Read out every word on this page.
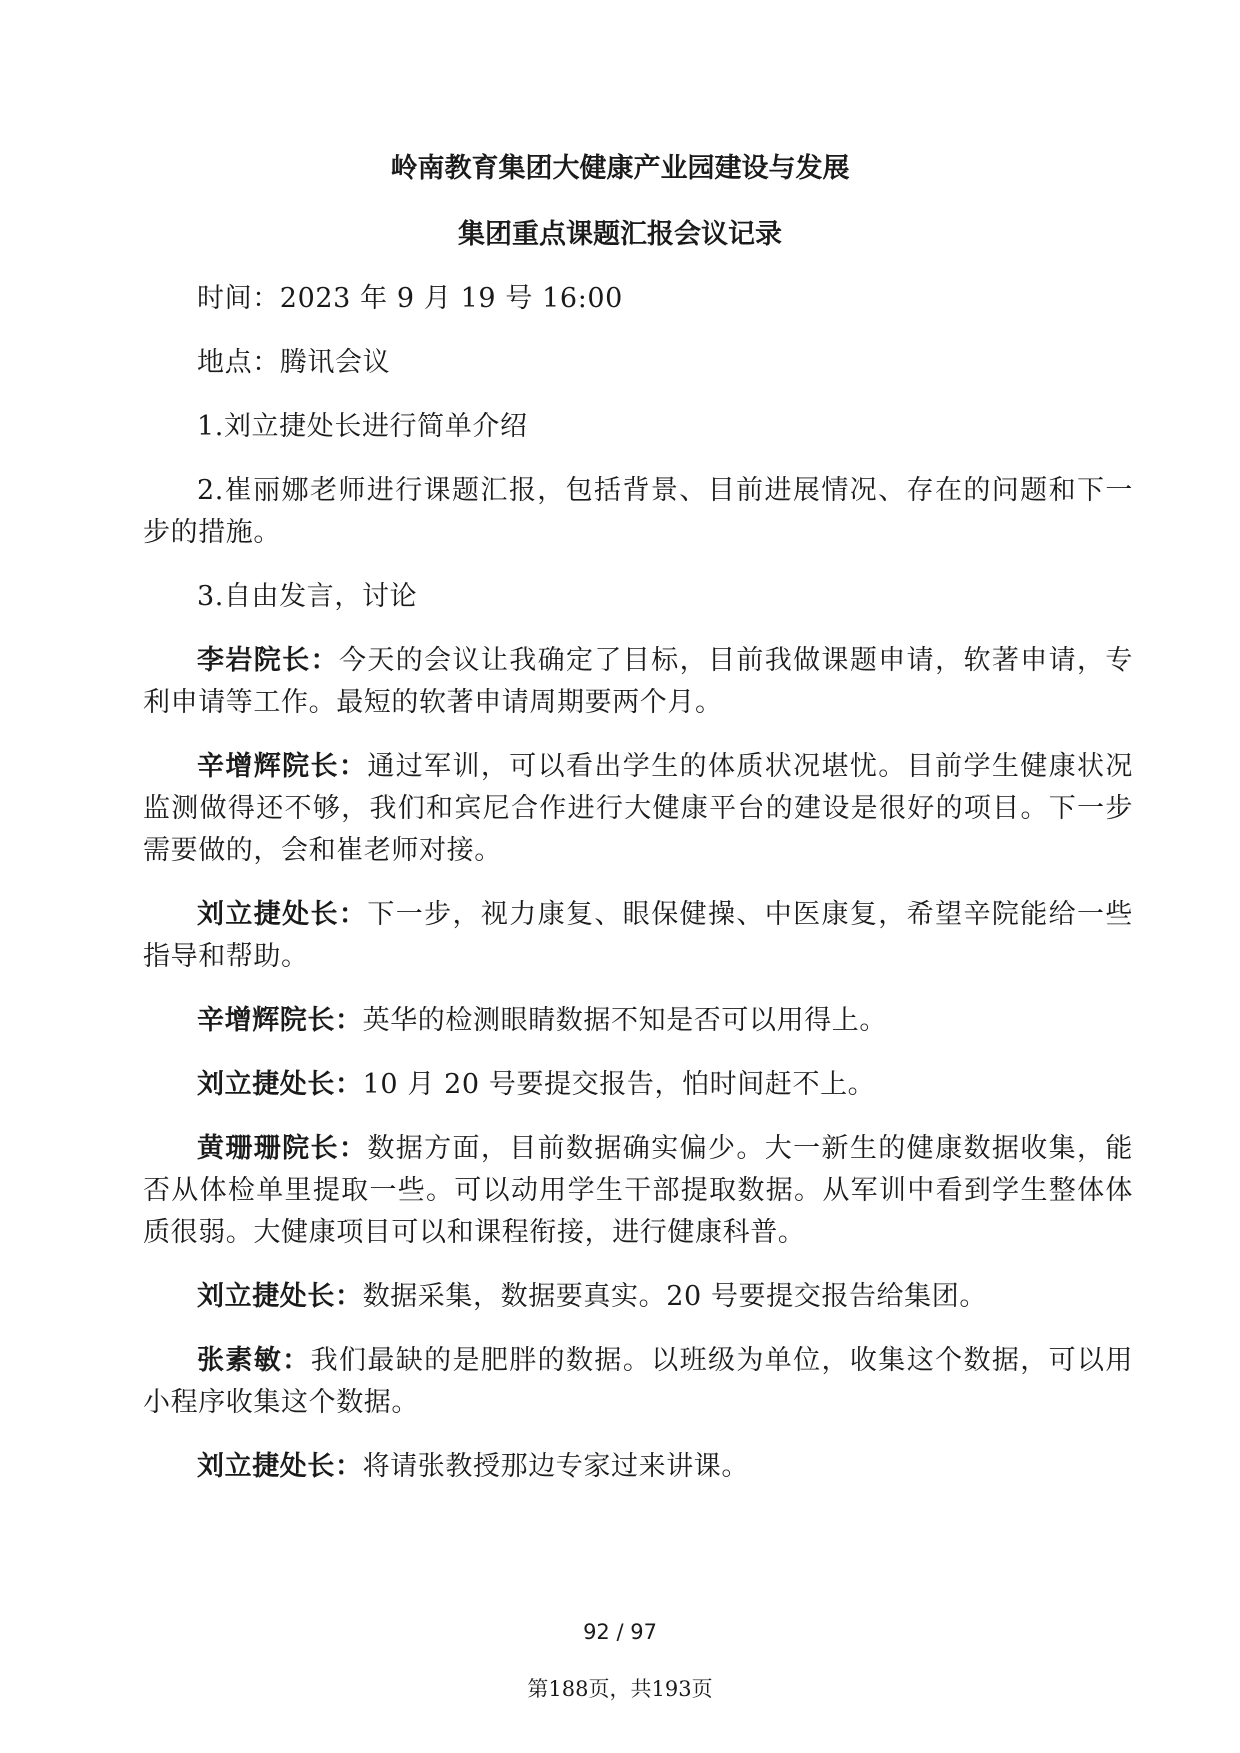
岭南教育集团大健康产业园建设与发展
集团重点课题汇报会议记录

时间：2023 年 9 月 19 号 16:00

地点：腾讯会议

1.刘立捷处长进行简单介绍

2.崔丽娜老师进行课题汇报，包括背景、目前进展情况、存在的问题和下一步的措施。

3.自由发言，讨论

李岩院长：今天的会议让我确定了目标，目前我做课题申请，软著申请，专利申请等工作。最短的软著申请周期要两个月。

辛增辉院长：通过军训，可以看出学生的体质状况堪忧。目前学生健康状况监测做得还不够，我们和宾尼合作进行大健康平台的建设是很好的项目。下一步需要做的，会和崔老师对接。

刘立捷处长：下一步，视力康复、眼保健操、中医康复，希望辛院能给一些指导和帮助。

辛增辉院长：英华的检测眼睛数据不知是否可以用得上。

刘立捷处长：10 月 20 号要提交报告，怕时间赶不上。

黄珊珊院长：数据方面，目前数据确实偏少。大一新生的健康数据收集，能否从体检单里提取一些。可以动用学生干部提取数据。从军训中看到学生整体体质很弱。大健康项目可以和课程衔接，进行健康科普。

刘立捷处长：数据采集，数据要真实。20 号要提交报告给集团。

张素敏：我们最缺的是肥胖的数据。以班级为单位，收集这个数据，可以用小程序收集这个数据。

刘立捷处长：将请张教授那边专家过来讲课。

92 / 97
第188页，共193页
